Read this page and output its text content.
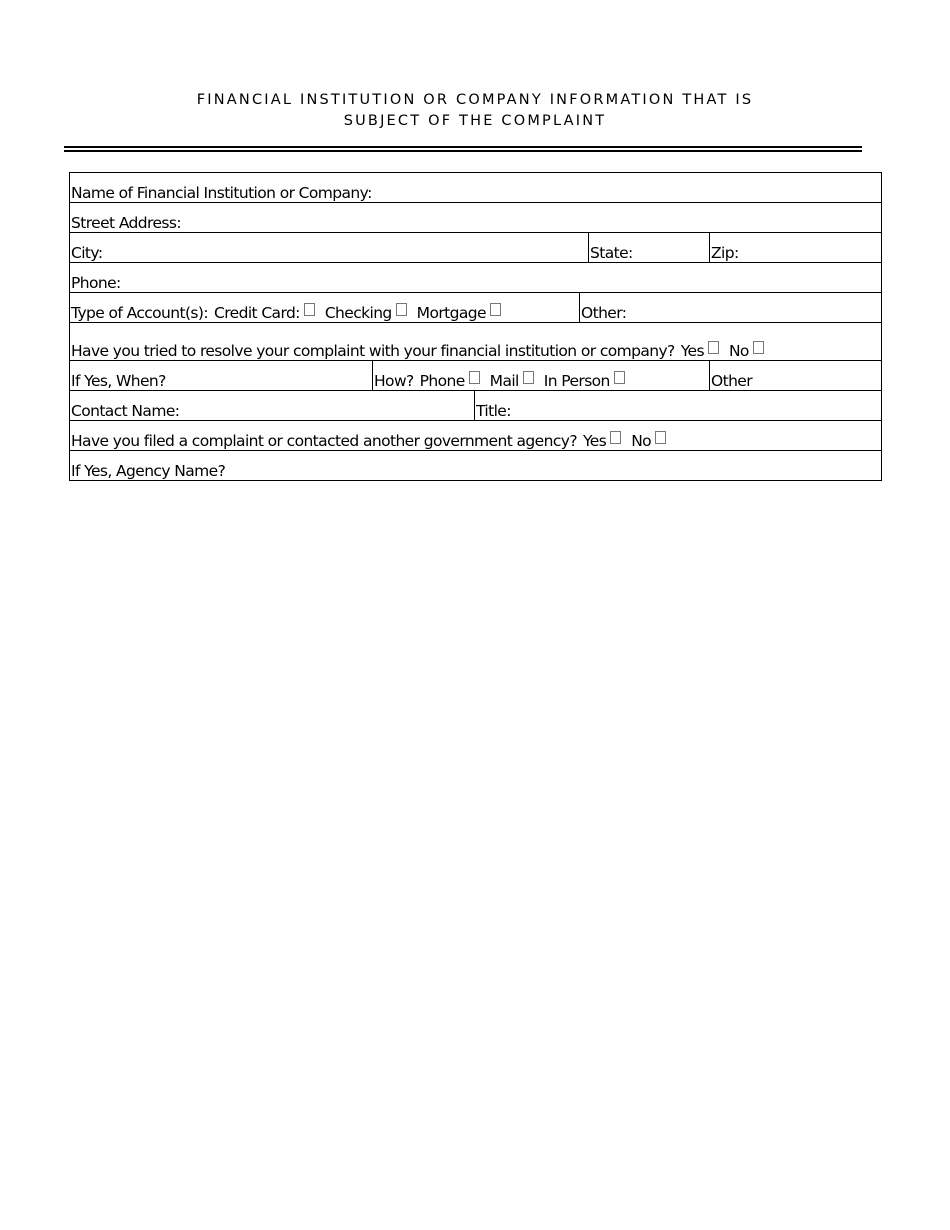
FINANCIAL INSTITUTION OR COMPANY INFORMATION THAT IS
SUBJECT OF THE COMPLAINT
Name of Financial Institution or Company:					
Street Address:					
City:				State:	Zip:
Phone:					
Type of Account(s): Credit Card: Checking Mortgage			Other:		
Have you tried to resolve your complaint with your financial institution or company? Yes No					
If Yes, When?	How? Phone Mail In Person				Other
Contact Name:		Title:			
Have you filed a complaint or contacted another government agency? Yes No					
If Yes, Agency Name?					
